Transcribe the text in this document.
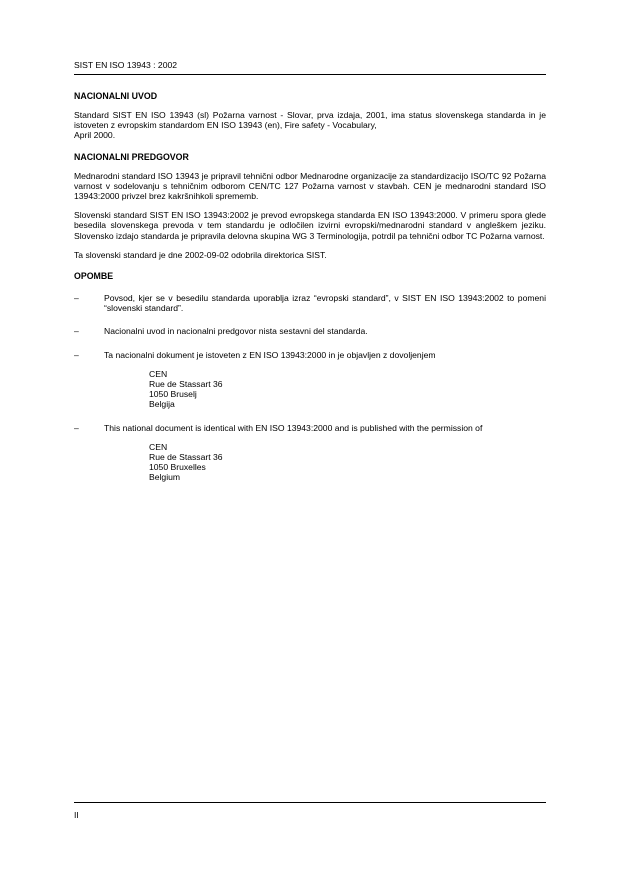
SIST EN ISO 13943 : 2002
NACIONALNI UVOD

Standard SIST EN ISO 13943 (sl) Požarna varnost - Slovar, prva izdaja, 2001, ima status slovenskega standarda in je istoveten z evropskim standardom EN ISO 13943 (en), Fire safety - Vocabulary,

April 2000.

NACIONALNI PREDGOVOR

Mednarodni standard ISO 13943 je pripravil tehnični odbor Mednarodne organizacije za standardizacijo ISO/TC 92 Požarna varnost v sodelovanju s tehničnim odborom CEN/TC 127 Požarna varnost v stavbah. CEN je mednarodni standard ISO 13943:2000 privzel brez kakršnihkoli sprememb.

Slovenski standard SIST EN ISO 13943:2002 je prevod evropskega standarda EN ISO 13943:2000. V primeru spora glede besedila slovenskega prevoda v tem standardu je odločilen izvirni evropski/mednarodni standard v angleškem jeziku. Slovensko izdajo standarda je pripravila delovna skupina WG 3 Terminologija, potrdil pa tehnični odbor TC Požarna varnost.

Ta slovenski standard je dne 2002-09-02 odobrila direktorica SIST.

OPOMBE
–	Povsod, kjer se v besedilu standarda uporablja izraz “evropski standard”, v SIST EN ISO 13943:2002 to pomeni “slovenski standard”.
–	Nacionalni uvod in nacionalni predgovor nista sestavni del standarda.
–	Ta nacionalni dokument je istoveten z EN ISO 13943:2000 in je objavljen z dovoljenjem
CEN
Rue de Stassart 36
1050 Bruselj
Belgija
–	This national document is identical with EN ISO 13943:2000 and is published with the permission of
CEN
Rue de Stassart 36
1050 Bruxelles
Belgium
II
